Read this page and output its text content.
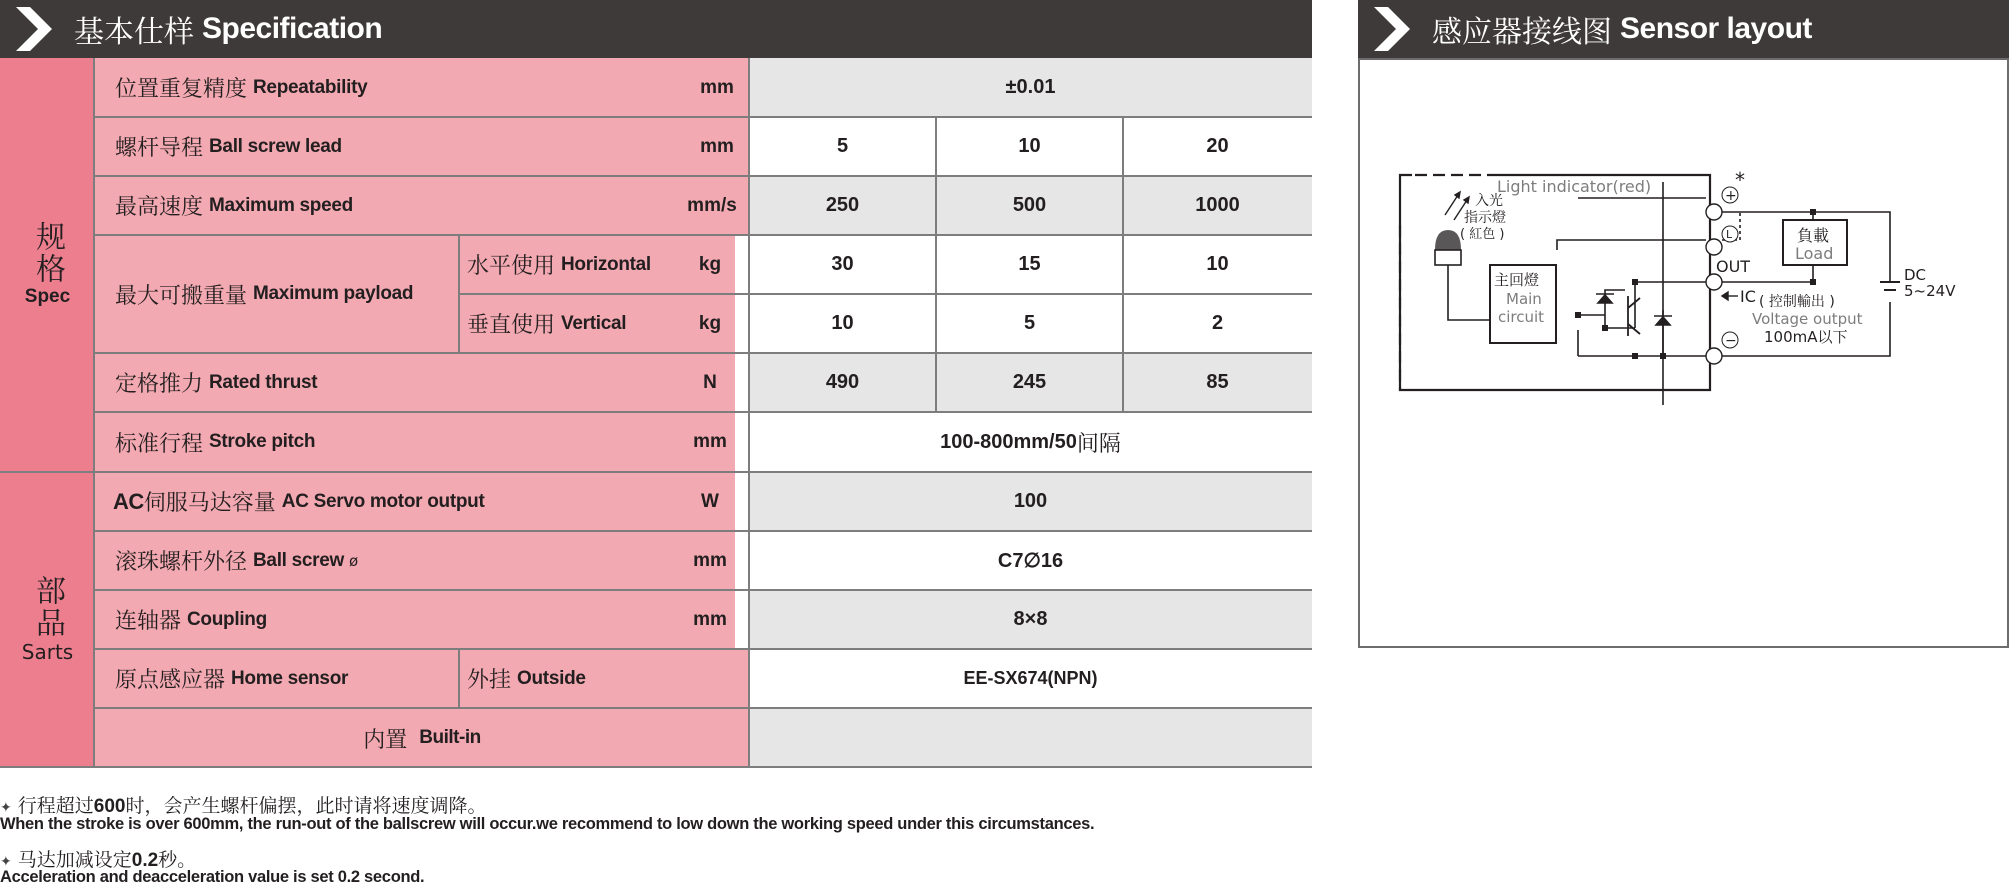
基本仕样 Specification	感应器接线图 Sensor layout
规格
Spec
部品
Sarts
位置重复精度 Repeatability	mm	±0.01
螺杆导程 Ball screw lead	mm	5	10	20
最高速度 Maximum speed	mm/s	250	500	1000
最大可搬重量 Maximum payload
水平使用 Horizontal	kg	30	15	10
垂直使用 Vertical	kg	10	5	2
定格推力 Rated thrust	N	490	245	85
标准行程 Stroke pitch	mm	100-800mm/50 间隔
AC 伺服马达容量 AC Servo motor output	W	100
滚珠螺杆外径 Ball screw ø	mm	C7∅16
连轴器 Coupling	mm	8×8
原点感应器 Home sensor	外挂 Outside	EE-SX674(NPN)
内置 Built-in
+
L
−
Light indicator(red)	*
入光
指示燈
( 紅色 )
主回燈
Main
circuit
負載
Load
OUT
IC ( 控制輸出 )
Voltage output
100mA以下
DC
5~24V
✦ 行程超过600时，会产生螺杆偏摆，此时请将速度调降。
When the stroke is over 600mm, the run-out of the ballscrew will occur.we recommend to low down the working speed under this circumstances.
✦ 马达加减设定0.2秒。
Acceleration and deacceleration value is set 0.2 second.
